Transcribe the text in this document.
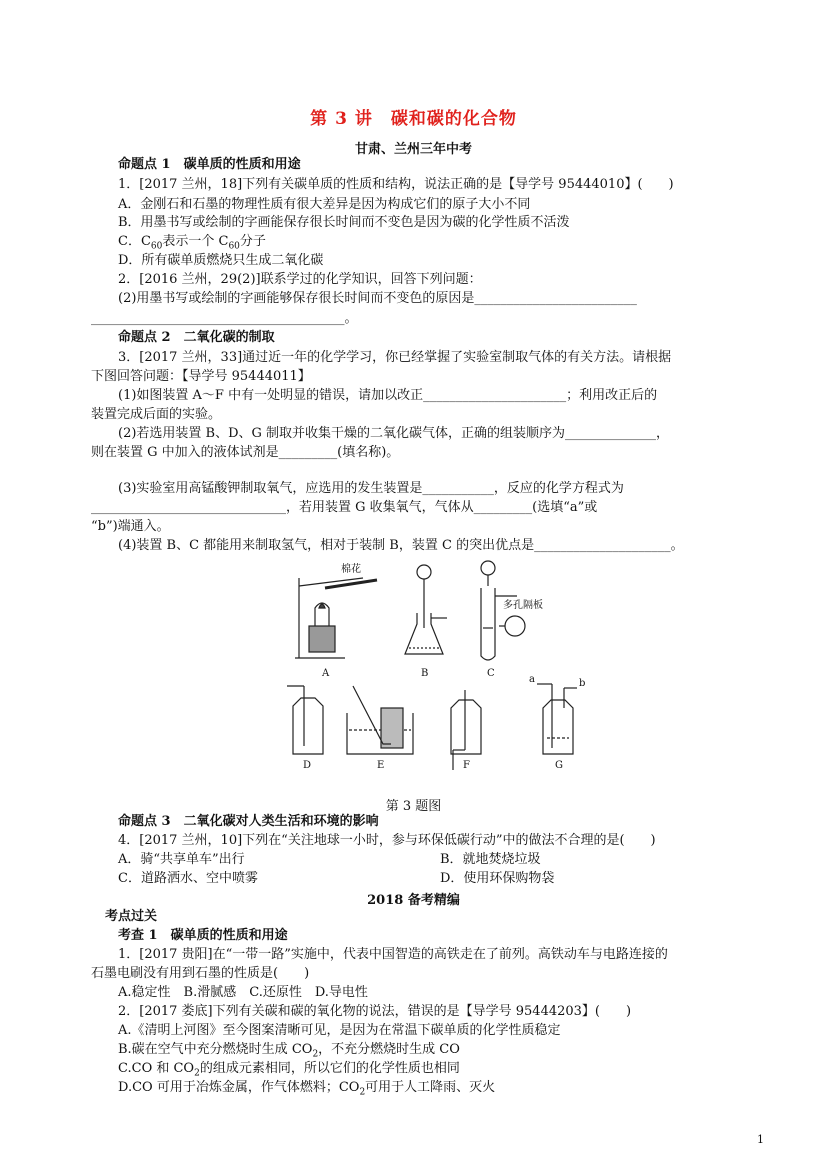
第 3 讲　碳和碳的化合物
甘肃、兰州三年中考
命题点 1　碳单质的性质和用途
1．[2017 兰州，18]下列有关碳单质的性质和结构，说法正确的是【导学号 95444010】(　　)
A．金刚石和石墨的物理性质有很大差异是因为构成它们的原子大小不同
B．用墨书写或绘制的字画能保存很长时间而不变色是因为碳的化学性质不活泼
C．$C_{60}$表示一个 $C_{60}$分子
D．所有碳单质燃烧只生成二氧化碳
2．[2016 兰州，29(2)]联系学过的化学知识，回答下列问题：
(2)用墨书写或绘制的字画能够保存很长时间而不变色的原因是_________________________
_______________________________________。
命题点 2　二氧化碳的制取
3．[2017 兰州，33]通过近一年的化学学习，你已经掌握了实验室制取气体的有关方法。请根据
下图回答问题：【导学号 95444011】
(1)如图装置 A～F 中有一处明显的错误，请加以改正______________________；利用改正后的
装置完成后面的实验。
(2)若选用装置 B、D、G 制取并收集干燥的二氧化碳气体，正确的组装顺序为______________，
则在装置 G 中加入的液体试剂是_________(填名称)。
(3)实验室用高锰酸钾制取氧气，应选用的发生装置是___________，反应的化学方程式为
______________________________，若用装置 G 收集氧气，气体从_________(选填“a”或
“b”)端通入。
(4)装置 B、C 都能用来制取氢气，相对于装制 B，装置 C 的突出优点是_____________________。
棉花
多孔隔板
A	B	C
D	E	F	G
a	b
第 3 题图
命题点 3　二氧化碳对人类生活和环境的影响
4．[2017 兰州，10]下列在“关注地球一小时，参与环保低碳行动”中的做法不合理的是(　　)
A．骑“共享单车”出行	B．就地焚烧垃圾
C．道路洒水、空中喷雾	D．使用环保购物袋
2018 备考精编
考点过关
考查 1　碳单质的性质和用途
1．[2017 贵阳]在“一带一路”实施中，代表中国智造的高铁走在了前列。高铁动车与电路连接的
石墨电刷没有用到石墨的性质是(　　)
A.稳定性　B.滑腻感　C.还原性　D.导电性
2．[2017 娄底]下列有关碳和碳的氧化物的说法，错误的是【导学号 95444203】(　　)
A.《清明上河图》至今图案清晰可见，是因为在常温下碳单质的化学性质稳定
B.碳在空气中充分燃烧时生成 $CO_2$，不充分燃烧时生成 CO
C.CO 和 $CO_2$的组成元素相同，所以它们的化学性质也相同
D.CO 可用于冶炼金属，作气体燃料；$CO_2$可用于人工降雨、灭火
1
